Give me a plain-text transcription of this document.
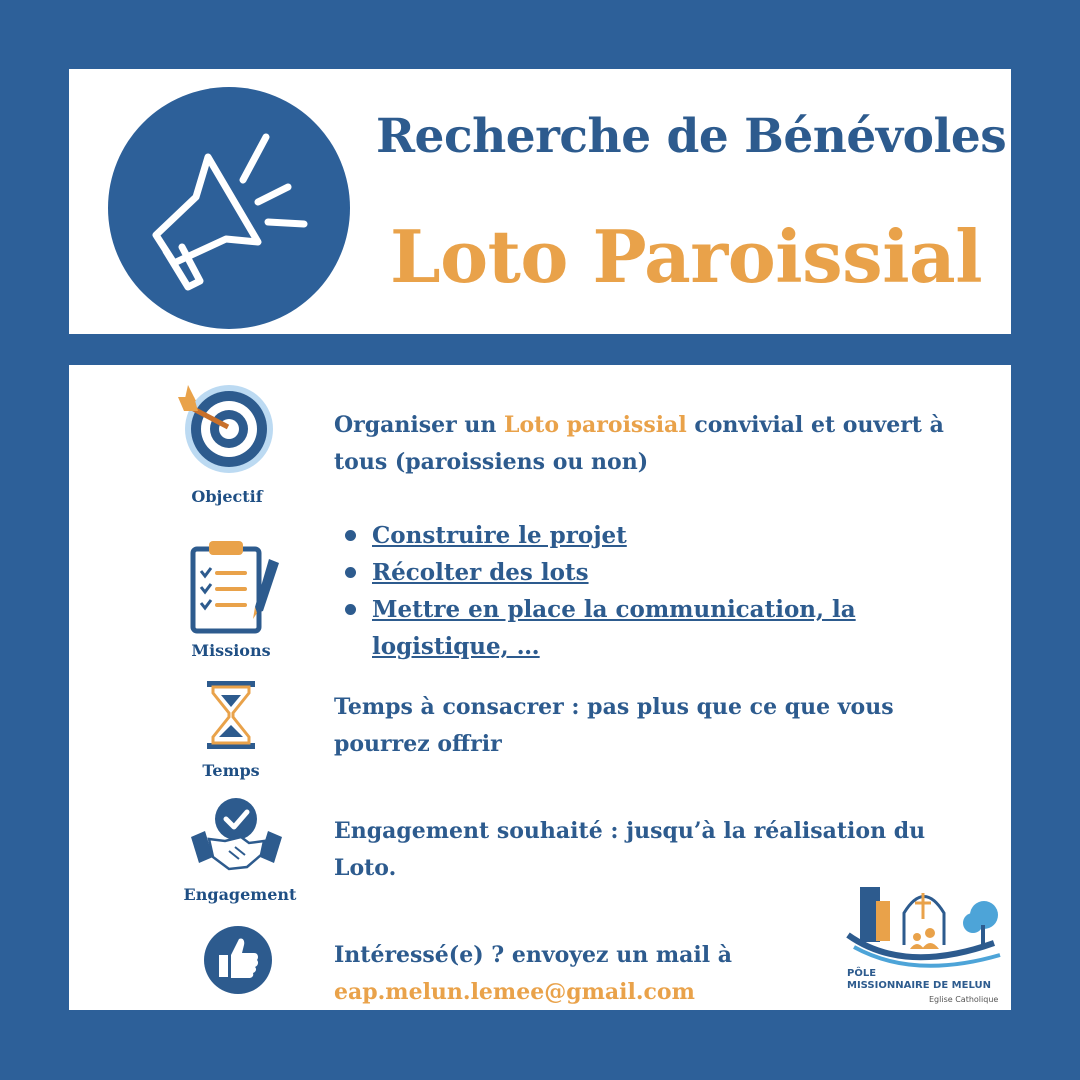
Recherche de Bénévoles
Loto Paroissial
Objectif
Organiser un Loto paroissial convivial et ouvert à tous (paroissiens ou non)
Missions
Construire le projet
Récolter des lots
Mettre en place la communication, la logistique, …
Temps
Temps à consacrer : pas plus que ce que vous pourrez offrir
Engagement
Engagement souhaité : jusqu’à la réalisation du Loto.
Intéressé(e) ? envoyez un mail à
eap.melun.lemee@gmail.com
PÔLE
MISSIONNAIRE DE MELUN
Eglise Catholique
